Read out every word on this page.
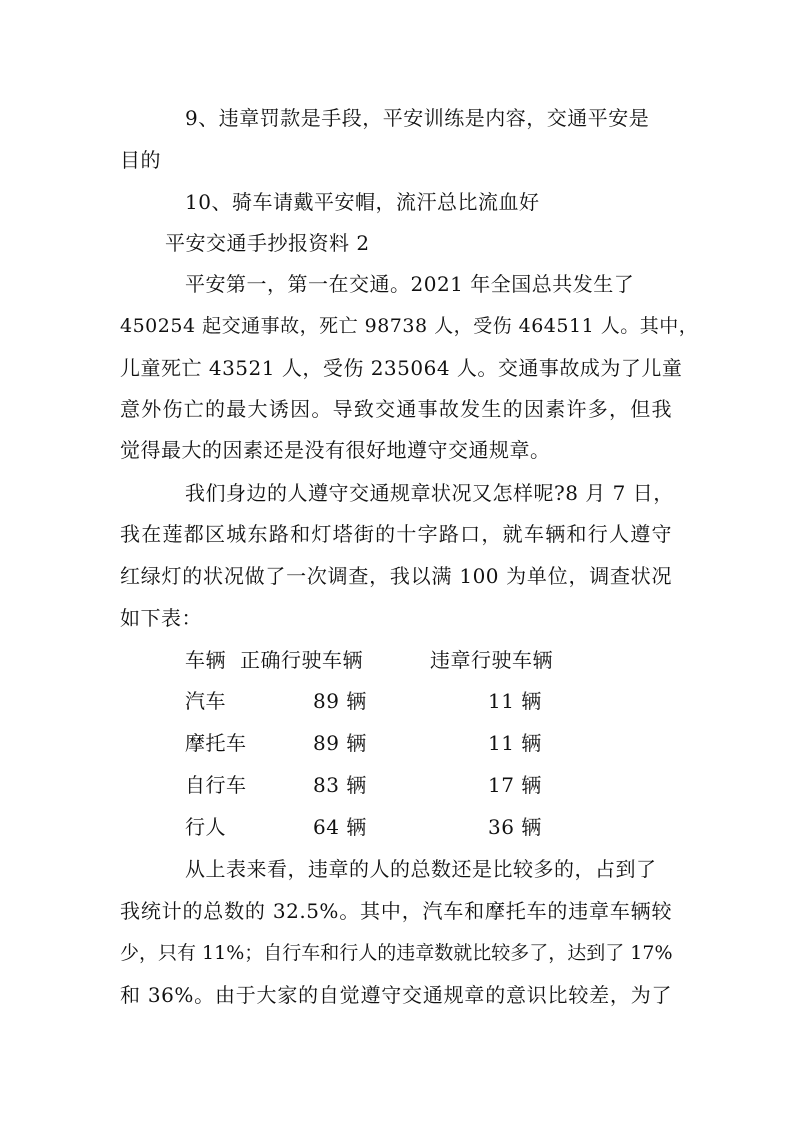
9、违章罚款是手段，平安训练是内容，交通平安是
目的
10、骑车请戴平安帽，流汗总比流血好
平安交通手抄报资料 2
平安第一，第一在交通。2021 年全国总共发生了
450254 起交通事故，死亡 98738 人，受伤 464511 人。其中，
儿童死亡 43521 人，受伤 235064 人。交通事故成为了儿童
意外伤亡的最大诱因。导致交通事故发生的因素许多，但我
觉得最大的因素还是没有很好地遵守交通规章。
我们身边的人遵守交通规章状况又怎样呢?8 月 7 日，
我在莲都区城东路和灯塔街的十字路口，就车辆和行人遵守
红绿灯的状况做了一次调查，我以满 100 为单位，调查状况
如下表：
车辆 正确行驶车辆	违章行驶车辆
汽车	89 辆	11 辆
摩托车	89 辆	11 辆
自行车	83 辆	17 辆
行人	64 辆	36 辆
从上表来看，违章的人的总数还是比较多的，占到了
我统计的总数的 32.5%。其中，汽车和摩托车的违章车辆较
少，只有 11%；自行车和行人的违章数就比较多了，达到了 17%
和 36%。由于大家的自觉遵守交通规章的意识比较差，为了
